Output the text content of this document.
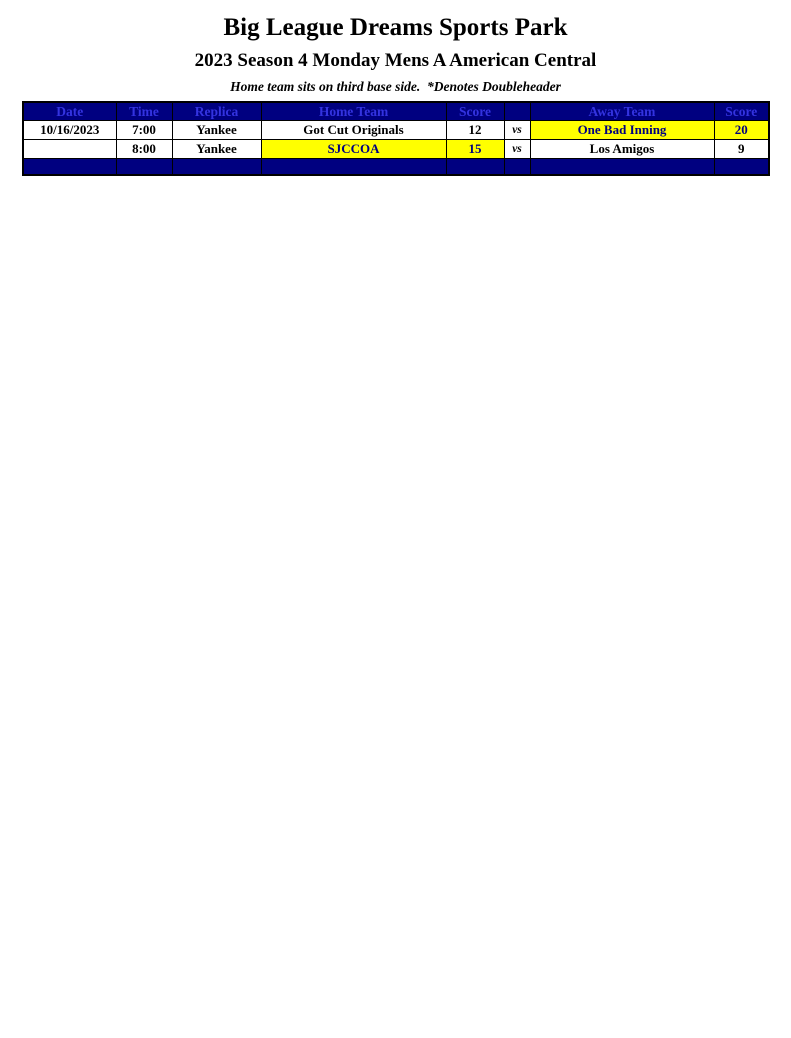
Big League Dreams Sports Park
2023 Season 4 Monday Mens A American Central
Home team sits on third base side.  *Denotes Doubleheader
Date	Time	Replica	Home Team	Score		Away Team	Score
10/16/2023	7:00	Yankee	Got Cut Originals	12	vs	One Bad Inning	20
	8:00	Yankee	SJCCOA	15	vs	Los Amigos	9
